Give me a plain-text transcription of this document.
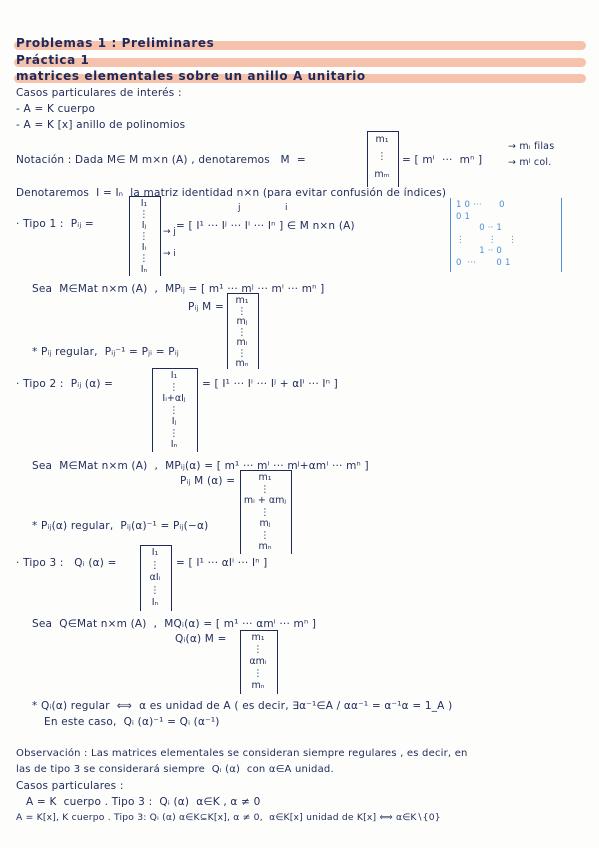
Problemas 1 : Preliminares
Práctica 1
matrices elementales sobre un anillo A unitario
Casos particulares de interés :
- A = K cuerpo
- A = K [x] anillo de polinomios
Notación : Dada M∈ M m×n (A) , denotaremos   M  =
m₁
⋮
mₘ
= [ mⁱ  ···  mⁿ ]
→ mᵢ filas
→ mʲ col.
Denotaremos  I = Iₙ  la matriz identidad n×n (para evitar confusión de índices)
· Tipo 1 :  Pᵢⱼ =
I₁
⋮
Iⱼ
⋮
Iᵢ
⋮
Iₙ
→ j
→ i
= [ I¹ ··· Iʲ ··· Iⁱ ··· Iⁿ ] ∈ M n×n (A)
j	i	1 0 ···      0
0 1
0 ·· 1
⋮        ⋮    ⋮
1 ·· 0
0  ···       0 1
Sea  M∈Mat n×m (A)  ,  MPᵢⱼ = [ m¹ ··· mʲ ··· mⁱ ··· mⁿ ]
Pᵢⱼ M =
m₁
⋮
mⱼ
⋮
mᵢ
⋮
mₙ
* Pᵢⱼ regular,  Pᵢⱼ⁻¹ = Pⱼᵢ = Pᵢⱼ
· Tipo 2 :  Pᵢⱼ (α) =
I₁
⋮
Iᵢ+αIⱼ
⋮
Iⱼ
⋮
Iₙ
= [ I¹ ··· Iⁱ ··· Iʲ + αIⁱ ··· Iⁿ ]
Sea  M∈Mat n×m (A)  ,  MPᵢⱼ(α) = [ m¹ ··· mⁱ ··· mʲ+αmⁱ ··· mⁿ ]
Pᵢⱼ M (α) =	m₁
⋮
mᵢ + αmⱼ
⋮
mⱼ
⋮
mₙ
* Pᵢⱼ(α) regular,  Pᵢⱼ(α)⁻¹ = Pᵢⱼ(−α)
· Tipo 3 :   Qᵢ (α) =
I₁
⋮
αIᵢ
⋮
Iₙ
= [ I¹ ··· αIⁱ ··· Iⁿ ]
Sea  Q∈Mat n×m (A)  ,  MQᵢ(α) = [ m¹ ··· αmⁱ ··· mⁿ ]
Qᵢ(α) M =	m₁
⋮
αmᵢ
⋮
mₙ
* Qᵢ(α) regular  ⟺  α es unidad de A ( es decir, ∃α⁻¹∈A / αα⁻¹ = α⁻¹α = 1_A )
En este caso,  Qᵢ (α)⁻¹ = Qᵢ (α⁻¹)
Observación : Las matrices elementales se consideran siempre regulares , es decir, en
las de tipo 3 se considerará siempre  Qᵢ (α)  con α∈A unidad.
Casos particulares :
A = K  cuerpo . Tipo 3 :  Qᵢ (α)  α∈K , α ≠ 0
A = K[x], K cuerpo . Tipo 3: Qᵢ (α) α∈K⊆K[x], α ≠ 0,  α∈K[x] unidad de K[x] ⟺ α∈K∖{0}
